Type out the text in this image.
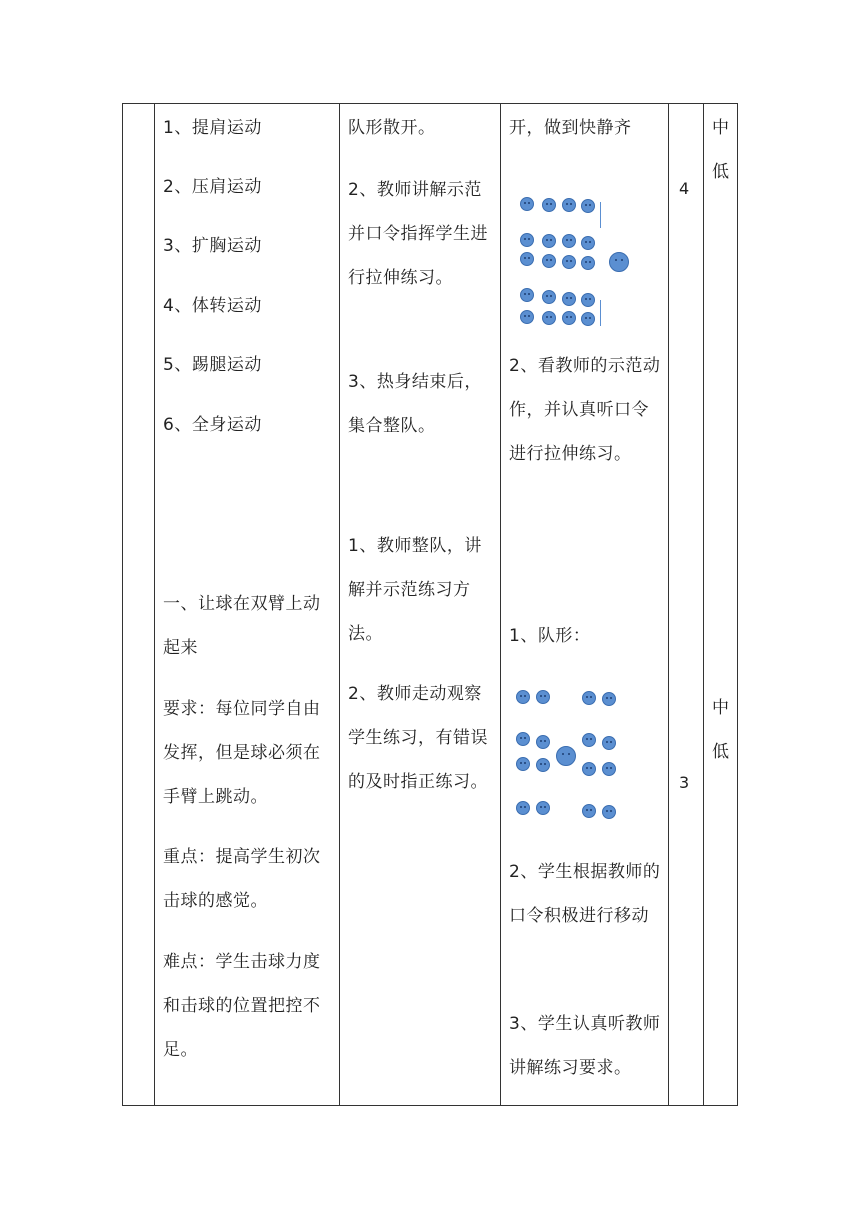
1、提肩运动
2、压肩运动
3、扩胸运动
4、体转运动
5、踢腿运动
6、全身运动
一、让球在双臂上动起来
要求：每位同学自由发挥，但是球必须在手臂上跳动。
重点：提高学生初次击球的感觉。
难点：学生击球力度和击球的位置把控不足。
队形散开。
2、教师讲解示范并口令指挥学生进行拉伸练习。
3、热身结束后，集合整队。
1、教师整队，讲解并示范练习方法。
2、教师走动观察学生练习，有错误的及时指正练习。
开，做到快静齐
2、看教师的示范动作，并认真听口令进行拉伸练习。
1、队形：
2、学生根据教师的口令积极进行移动
3、学生认真听教师讲解练习要求。
4
3
中
低
中
低
